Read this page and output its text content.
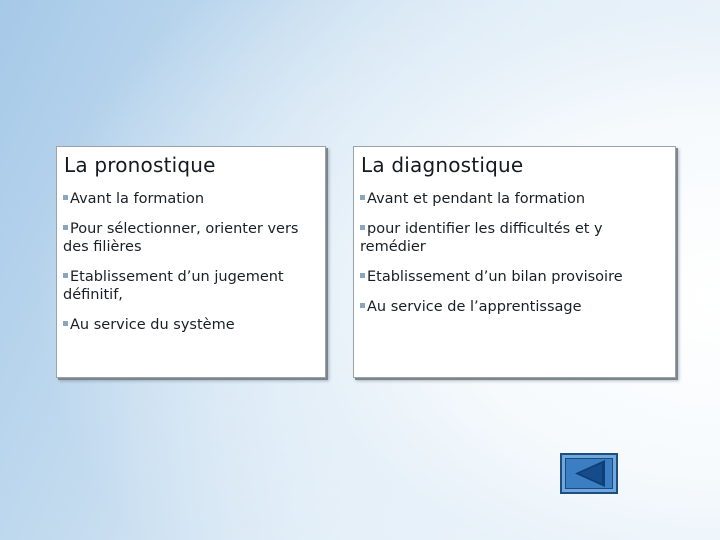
La pronostique
Avant la formation
Pour sélectionner, orienter vers des filières
Etablissement d’un jugement définitif,
Au service du système
La diagnostique
Avant et pendant la formation
pour identifier les difficultés et y remédier
Etablissement d’un bilan provisoire
Au service de l’apprentissage
